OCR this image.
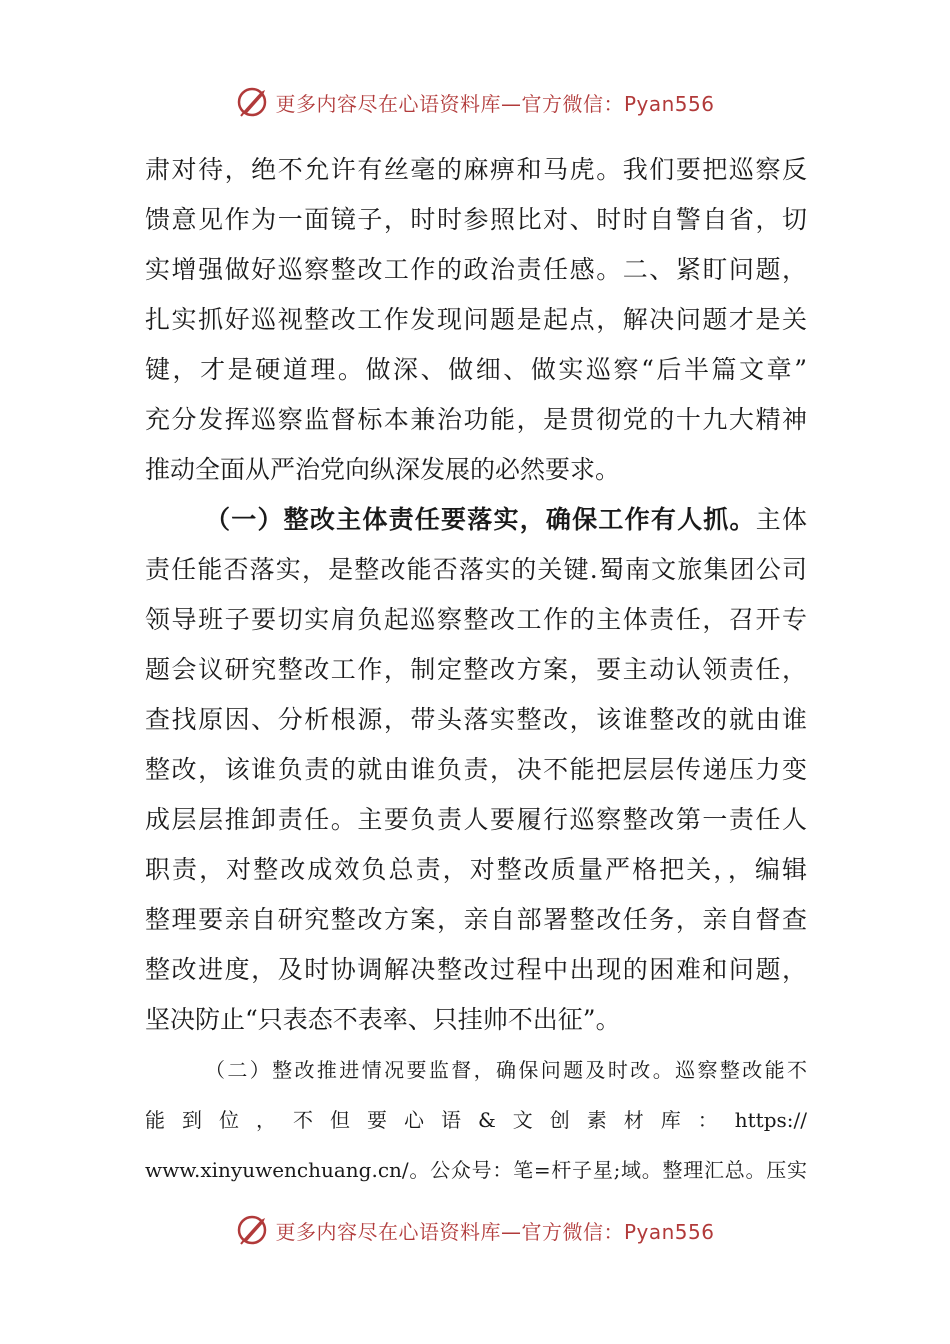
更多内容尽在心语资料库—官方微信：Pyan556
肃对待，绝不允许有丝毫的麻痹和马虎。我们要把巡察反
馈意见作为一面镜子，时时参照比对、时时自警自省，切
实增强做好巡察整改工作的政治责任感。二、紧盯问题，
扎实抓好巡视整改工作发现问题是起点，解决问题才是关
键，才是硬道理。做深、做细、做实巡察“后半篇文章”
充分发挥巡察监督标本兼治功能，是贯彻党的十九大精神
推动全面从严治党向纵深发展的必然要求。
（一）整改主体责任要落实，确保工作有人抓。主体
责任能否落实，是整改能否落实的关键.蜀南文旅集团公司
领导班子要切实肩负起巡察整改工作的主体责任，召开专
题会议研究整改工作，制定整改方案，要主动认领责任，
查找原因、分析根源，带头落实整改，该谁整改的就由谁
整改，该谁负责的就由谁负责，决不能把层层传递压力变
成层层推卸责任。主要负责人要履行巡察整改第一责任人
职责，对整改成效负总责，对整改质量严格把关，，编辑
整理要亲自研究整改方案，亲自部署整改任务，亲自督查
整改进度，及时协调解决整改过程中出现的困难和问题，
坚决防止“只表态不表率、只挂帅不出征”。
（二）整改推进情况要监督，确保问题及时改。巡察整改能不
能到位，不但要心语&文创素材库：https://
www.xinyuwenchuang.cn/。公众号：笔=杆子星;域。整理汇总。压实
更多内容尽在心语资料库—官方微信：Pyan556
